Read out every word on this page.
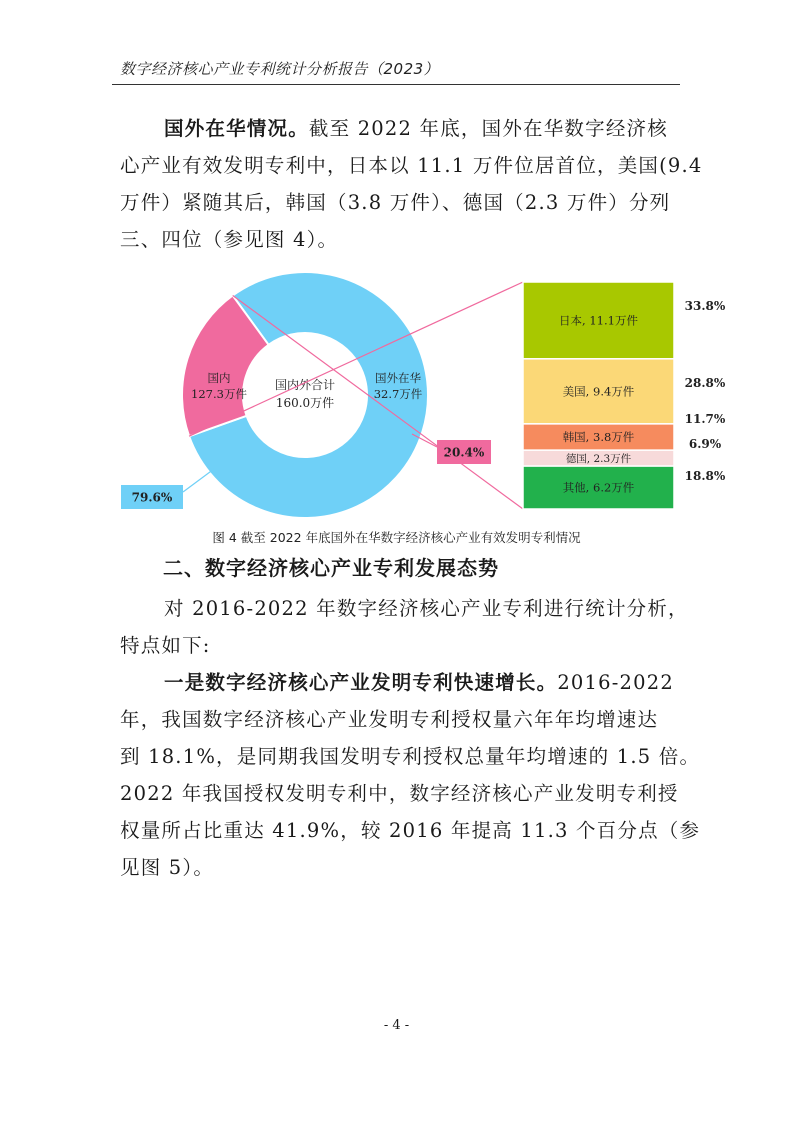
数字经济核心产业专利统计分析报告（2023）
国外在华情况。截至 2022 年底，国外在华数字经济核
心产业有效发明专利中，日本以 11.1 万件位居首位，美国(9.4
万件）紧随其后，韩国（3.8 万件）、德国（2.3 万件）分列
三、四位（参见图 4）。
国内外合计
160.0万件
国内
127.3万件
国外在华
32.7万件
79.6%
20.4%
日本, 11.1万件
33.8%
美国, 9.4万件
28.8%
韩国, 3.8万件
11.7%
德国, 2.3万件
6.9%
其他, 6.2万件
18.8%
图 4 截至 2022 年底国外在华数字经济核心产业有效发明专利情况
二、数字经济核心产业专利发展态势
对 2016-2022 年数字经济核心产业专利进行统计分析，
特点如下:
一是数字经济核心产业发明专利快速增长。2016-2022
年，我国数字经济核心产业发明专利授权量六年年均增速达
到 18.1%，是同期我国发明专利授权总量年均增速的 1.5 倍。
2022 年我国授权发明专利中，数字经济核心产业发明专利授
权量所占比重达 41.9%，较 2016 年提高 11.3 个百分点（参
见图 5）。
- 4 -
